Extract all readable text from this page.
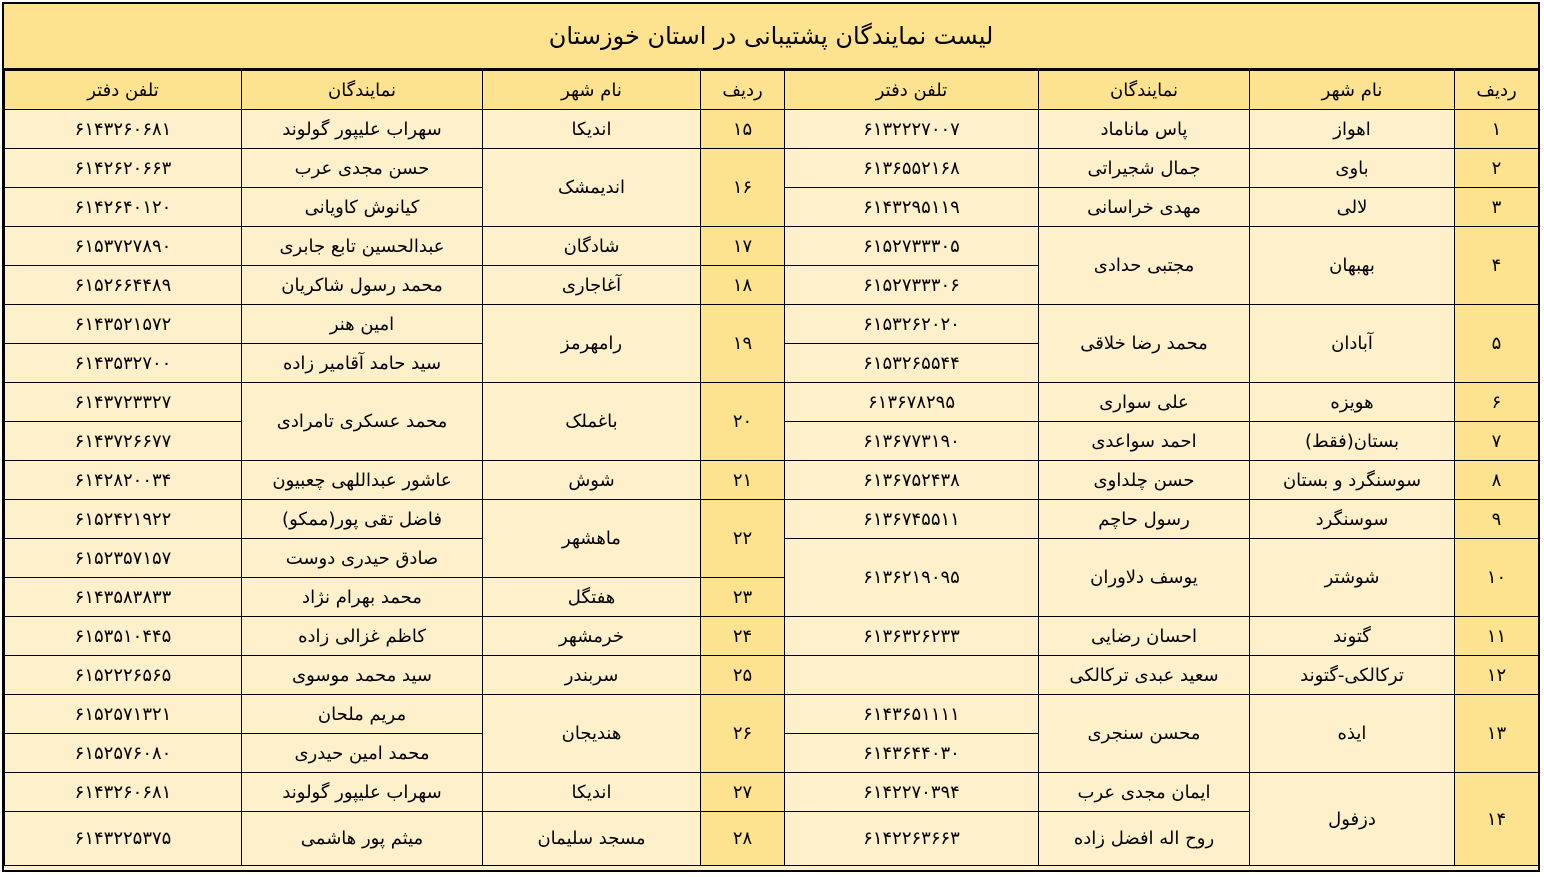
لیست نمایندگان پشتیبانی در استان خوزستان
ردیف	نام شهر	نمایندگان	تلفن دفتر	ردیف	نام شهر	نمایندگان	تلفن دفتر
۱	اهواز	پاس ماناماد	۶۱۳۲۲۲۷۰۰۷	۱۵	اندیکا	سهراب علیپور گولوند	۶۱۴۳۲۶۰۶۸۱
۲	باوی	جمال شجیراتی	۶۱۳۶۵۵۲۱۶۸	۱۶	اندیمشک	حسن مجدی عرب	۶۱۴۲۶۲۰۶۶۳
۳	لالی	مهدی خراسانی	۶۱۴۳۲۹۵۱۱۹			کیانوش کاویانی	۶۱۴۲۶۴۰۱۲۰
۴	بهبهان	مجتبی حدادی	۶۱۵۲۷۳۳۳۰۵	۱۷	شادگان	عبدالحسین تابع جابری	۶۱۵۳۷۲۷۸۹۰
			۶۱۵۲۷۳۳۳۰۶	۱۸	آغاجاری	محمد رسول شاکریان	۶۱۵۲۶۶۴۴۸۹
۵	آبادان	محمد رضا خلاقی	۶۱۵۳۲۶۲۰۲۰	۱۹	رامهرمز	امین هنر	۶۱۴۳۵۲۱۵۷۲
			۶۱۵۳۲۶۵۵۴۴			سید حامد آقامیر زاده	۶۱۴۳۵۳۲۷۰۰
۶	هویزه	علی سواری	۶۱۳۶۷۸۲۹۵	۲۰	باغملک	محمد عسکری تامرادی	۶۱۴۳۷۲۳۳۲۷
۷	بستان(فقط)	احمد سواعدی	۶۱۳۶۷۷۳۱۹۰				۶۱۴۳۷۲۶۶۷۷
۸	سوسنگرد و بستان	حسن چلداوی	۶۱۳۶۷۵۲۴۳۸	۲۱	شوش	عاشور عبداللهی چعبیون	۶۱۴۲۸۲۰۰۳۴
۹	سوسنگرد	رسول حاچم	۶۱۳۶۷۴۵۵۱۱	۲۲	ماهشهر	فاضل تقی پور(ممکو)	۶۱۵۲۴۲۱۹۲۲
۱۰	شوشتر	یوسف دلاوران	۶۱۳۶۲۱۹۰۹۵			صادق حیدری دوست	۶۱۵۲۳۵۷۱۵۷
				۲۳	هفتگل	محمد بهرام نژاد	۶۱۴۳۵۸۳۸۳۳
۱۱	گتوند	احسان رضایی	۶۱۳۶۳۲۶۲۳۳	۲۴	خرمشهر	کاظم غزالی زاده	۶۱۵۳۵۱۰۴۴۵
۱۲	ترکالکی-گتوند	سعید عبدی ترکالکی		۲۵	سربندر	سید محمد موسوی	۶۱۵۲۲۲۶۵۶۵
۱۳	ایذه	محسن سنجری	۶۱۴۳۶۵۱۱۱۱	۲۶	هندیجان	مریم ملحان	۶۱۵۲۵۷۱۳۲۱
			۶۱۴۳۶۴۴۰۳۰			محمد امین حیدری	۶۱۵۲۵۷۶۰۸۰
۱۴	دزفول	ایمان مجدی عرب	۶۱۴۲۲۷۰۳۹۴	۲۷	اندیکا	سهراب علیپور گولوند	۶۱۴۳۲۶۰۶۸۱
		روح اله افضل زاده	۶۱۴۲۲۶۳۶۶۳	۲۸	مسجد سلیمان	میثم پور هاشمی	۶۱۴۳۲۲۵۳۷۵
